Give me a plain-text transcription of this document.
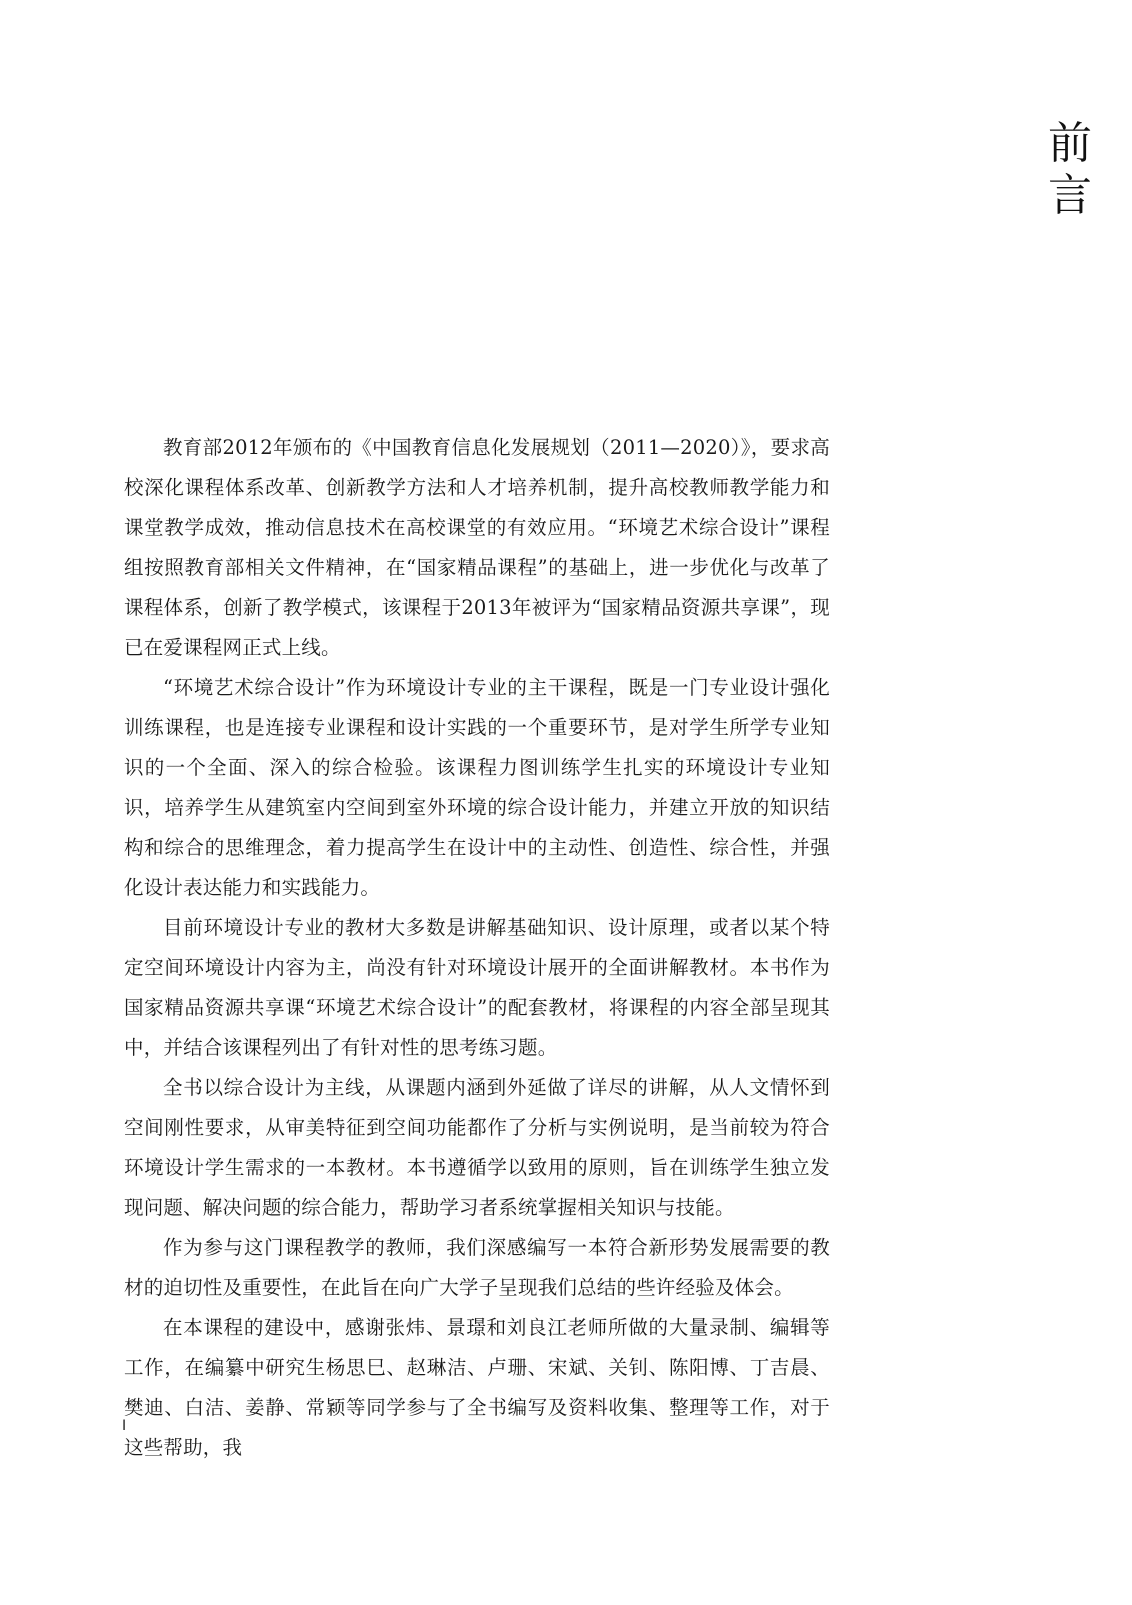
前
言

教育部2012年颁布的《中国教育信息化发展规划（2011—2020）》，要求高校深化课程体系改革、创新教学方法和人才培养机制，提升高校教师教学能力和课堂教学成效，推动信息技术在高校课堂的有效应用。“环境艺术综合设计”课程组按照教育部相关文件精神，在“国家精品课程”的基础上，进一步优化与改革了课程体系，创新了教学模式，该课程于2013年被评为“国家精品资源共享课”，现已在爱课程网正式上线。

“环境艺术综合设计”作为环境设计专业的主干课程，既是一门专业设计强化训练课程，也是连接专业课程和设计实践的一个重要环节，是对学生所学专业知识的一个全面、深入的综合检验。该课程力图训练学生扎实的环境设计专业知识，培养学生从建筑室内空间到室外环境的综合设计能力，并建立开放的知识结构和综合的思维理念，着力提高学生在设计中的主动性、创造性、综合性，并强化设计表达能力和实践能力。

目前环境设计专业的教材大多数是讲解基础知识、设计原理，或者以某个特定空间环境设计内容为主，尚没有针对环境设计展开的全面讲解教材。本书作为国家精品资源共享课“环境艺术综合设计”的配套教材，将课程的内容全部呈现其中，并结合该课程列出了有针对性的思考练习题。

全书以综合设计为主线，从课题内涵到外延做了详尽的讲解，从人文情怀到空间刚性要求，从审美特征到空间功能都作了分析与实例说明，是当前较为符合环境设计学生需求的一本教材。本书遵循学以致用的原则，旨在训练学生独立发现问题、解决问题的综合能力，帮助学习者系统掌握相关知识与技能。

作为参与这门课程教学的教师，我们深感编写一本符合新形势发展需要的教材的迫切性及重要性，在此旨在向广大学子呈现我们总结的些许经验及体会。

在本课程的建设中，感谢张炜、景璟和刘良江老师所做的大量录制、编辑等工作，在编纂中研究生杨思巳、赵琳洁、卢珊、宋斌、关钊、陈阳博、丁吉晨、樊迪、白洁、姜静、常颖等同学参与了全书编写及资料收集、整理等工作，对于这些帮助，我

I
